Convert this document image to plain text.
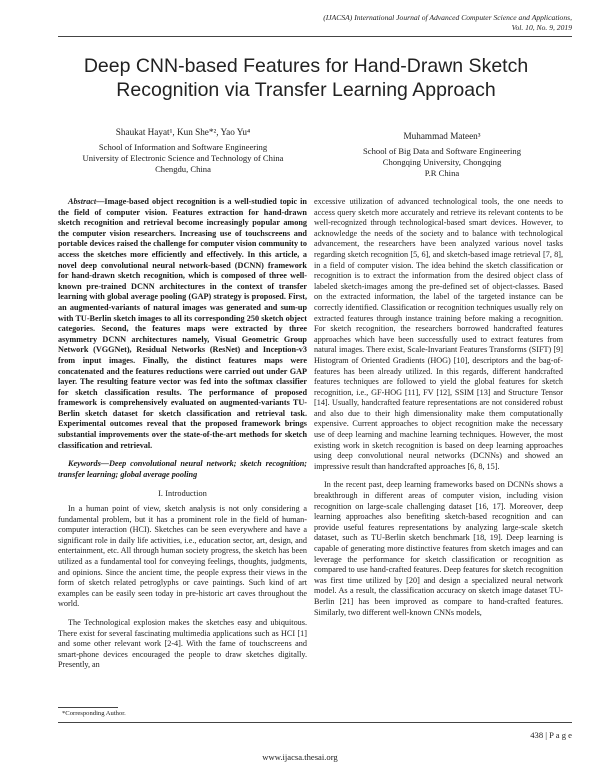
(IJACSA) International Journal of Advanced Computer Science and Applications,
Vol. 10, No. 9, 2019
Deep CNN-based Features for Hand-Drawn Sketch
Recognition via Transfer Learning Approach
Shaukat Hayat¹, Kun She*², Yao Yu⁴
School of Information and Software Engineering
University of Electronic Science and Technology of China
Chengdu, China
Muhammad Mateen³
School of Big Data and Software Engineering
Chongqing University, Chongqing
P.R China

Abstract—Image-based object recognition is a well-studied topic in the field of computer vision. Features extraction for hand-drawn sketch recognition and retrieval become increasingly popular among the computer vision researchers. Increasing use of touchscreens and portable devices raised the challenge for computer vision community to access the sketches more efficiently and effectively. In this article, a novel deep convolutional neural network-based (DCNN) framework for hand-drawn sketch recognition, which is composed of three well-known pre-trained DCNN architectures in the context of transfer learning with global average pooling (GAP) strategy is proposed. First, an augmented-variants of natural images was generated and sum-up with TU-Berlin sketch images to all its corresponding 250 sketch object categories. Second, the features maps were extracted by three asymmetry DCNN architectures namely, Visual Geometric Group Network (VGGNet), Residual Networks (ResNet) and Inception-v3 from input images. Finally, the distinct features maps were concatenated and the features reductions were carried out under GAP layer. The resulting feature vector was fed into the softmax classifier for sketch classification results. The performance of proposed framework is comprehensively evaluated on augmented-variants TU-Berlin sketch dataset for sketch classification and retrieval task. Experimental outcomes reveal that the proposed framework brings substantial improvements over the state-of-the-art methods for sketch classification and retrieval.

Keywords—Deep convolutional neural network; sketch recognition; transfer learning; global average pooling

I. Introduction

In a human point of view, sketch analysis is not only considering a fundamental problem, but it has a prominent role in the field of human-computer interaction (HCI). Sketches can be seen everywhere and have a significant role in daily life activities, i.e., education sector, art, design, and entertainment, etc. All through human society progress, the sketch has been utilized as a fundamental tool for conveying feelings, thoughts, judgments, and opinions. Since the ancient time, the people express their views in the form of sketch related petroglyphs or cave paintings. Such kind of art examples can be easily seen today in pre-historic art caves throughout the world.

The Technological explosion makes the sketches easy and ubiquitous. There exist for several fascinating multimedia applications such as HCI [1] and some other relevant work [2-4]. With the fame of touchscreens and smart-phone devices encouraged the people to draw sketches digitally. Presently, an

excessive utilization of advanced technological tools, the one needs to access query sketch more accurately and retrieve its relevant contents to be well-recognized through technological-based smart devices. However, to acknowledge the needs of the society and to balance with technological advancement, the researchers have been analyzed various novel tasks regarding sketch recognition [5, 6], and sketch-based image retrieval [7, 8], in a field of computer vision. The idea behind the sketch classification or recognition is to extract the information from the desired object class of labeled sketch-images among the pre-defined set of object-classes. Based on the extracted information, the label of the targeted instance can be correctly identified. Classification or recognition techniques usually rely on extracted features through instance training before making a recognition. For sketch recognition, the researchers borrowed handcrafted features approaches which have been successfully used to extract features from natural images. There exist, Scale-Invariant Features Transforms (SIFT) [9] Histogram of Oriented Gradients (HOG) [10], descriptors and the bag-of-features has been already utilized. In this regards, different handcrafted features techniques are followed to yield the global features for sketch recognition, i.e., GF-HOG [11], FV [12], SSIM [13] and Structure Tensor [14]. Usually, handcrafted feature representations are not considered robust and also due to their high dimensionality make them computationally expensive. Current approaches to object recognition make the necessary use of deep learning and machine learning techniques. However, the most existing work in sketch recognition is based on deep learning approaches using deep convolutional neural networks (DCNNs) and showed an impressive result than handcrafted approaches [6, 8, 15].

In the recent past, deep learning frameworks based on DCNNs shows a breakthrough in different areas of computer vision, including vision recognition on large-scale challenging dataset [16, 17]. Moreover, deep learning approaches also benefiting sketch-based recognition and can provide useful features representations by analyzing large-scale sketch dataset, such as TU-Berlin sketch benchmark [18, 19]. Deep learning is capable of generating more distinctive features from sketch images and can leverage the performance for sketch classification or recognition as compared to use hand-crafted features. Deep features for sketch recognition was first time utilized by [20] and design a specialized neural network model. As a result, the classification accuracy on sketch image dataset TU-Berlin [21] has been improved as compare to hand-crafted features. Similarly, two different well-known CNNs models,

*Corresponding Author.
438 | P a g e
www.ijacsa.thesai.org
